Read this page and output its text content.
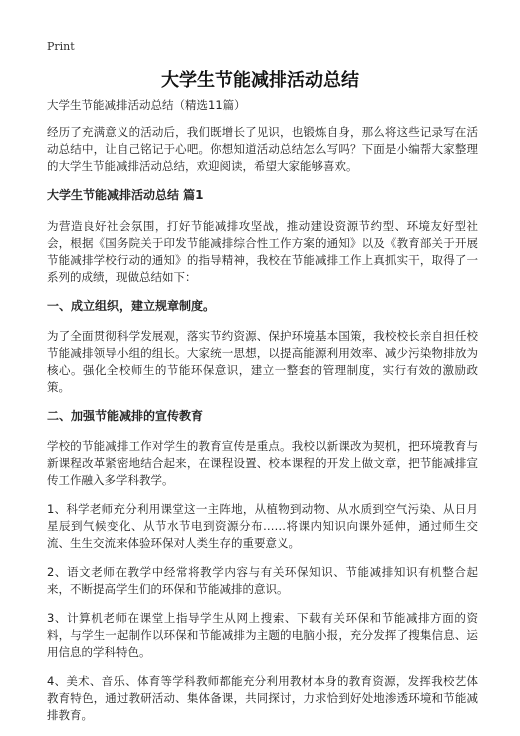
Print
大学生节能减排活动总结

大学生节能减排活动总结（精选11篇）

经历了充满意义的活动后，我们既增长了见识，也锻炼自身，那么将这些记录写在活动总结中，让自己铭记于心吧。你想知道活动总结怎么写吗？下面是小编帮大家整理的大学生节能减排活动总结，欢迎阅读，希望大家能够喜欢。

大学生节能减排活动总结 篇1

为营造良好社会氛围，打好节能减排攻坚战，推动建设资源节约型、环境友好型社会，根据《国务院关于印发节能减排综合性工作方案的通知》以及《教育部关于开展节能减排学校行动的通知》的指导精神，我校在节能减排工作上真抓实干，取得了一系列的成绩，现做总结如下：

一、成立组织，建立规章制度。

为了全面贯彻科学发展观，落实节约资源、保护环境基本国策，我校校长亲自担任校节能减排领导小组的组长。大家统一思想，以提高能源利用效率、减少污染物排放为核心。强化全校师生的节能环保意识，建立一整套的管理制度，实行有效的激励政策。

二、加强节能减排的宣传教育

学校的节能减排工作对学生的教育宣传是重点。我校以新课改为契机，把环境教育与新课程改革紧密地结合起来，在课程设置、校本课程的开发上做文章，把节能减排宣传工作融入多学科教学。

1、科学老师充分利用课堂这一主阵地，从植物到动物、从水质到空气污染、从日月星辰到气候变化、从节水节电到资源分布……将课内知识向课外延伸，通过师生交流、生生交流来体验环保对人类生存的重要意义。

2、语文老师在教学中经常将教学内容与有关环保知识、节能减排知识有机整合起来，不断提高学生们的环保和节能减排的意识。

3、计算机老师在课堂上指导学生从网上搜索、下载有关环保和节能减排方面的资料，与学生一起制作以环保和节能减排为主题的电脑小报，充分发挥了搜集信息、运用信息的学科特色。

4、美术、音乐、体育等学科教师都能充分利用教材本身的教育资源，发挥我校艺体教育特色，通过教研活动、集体备课，共同探讨，力求恰到好处地渗透环境和节能减排教育。
